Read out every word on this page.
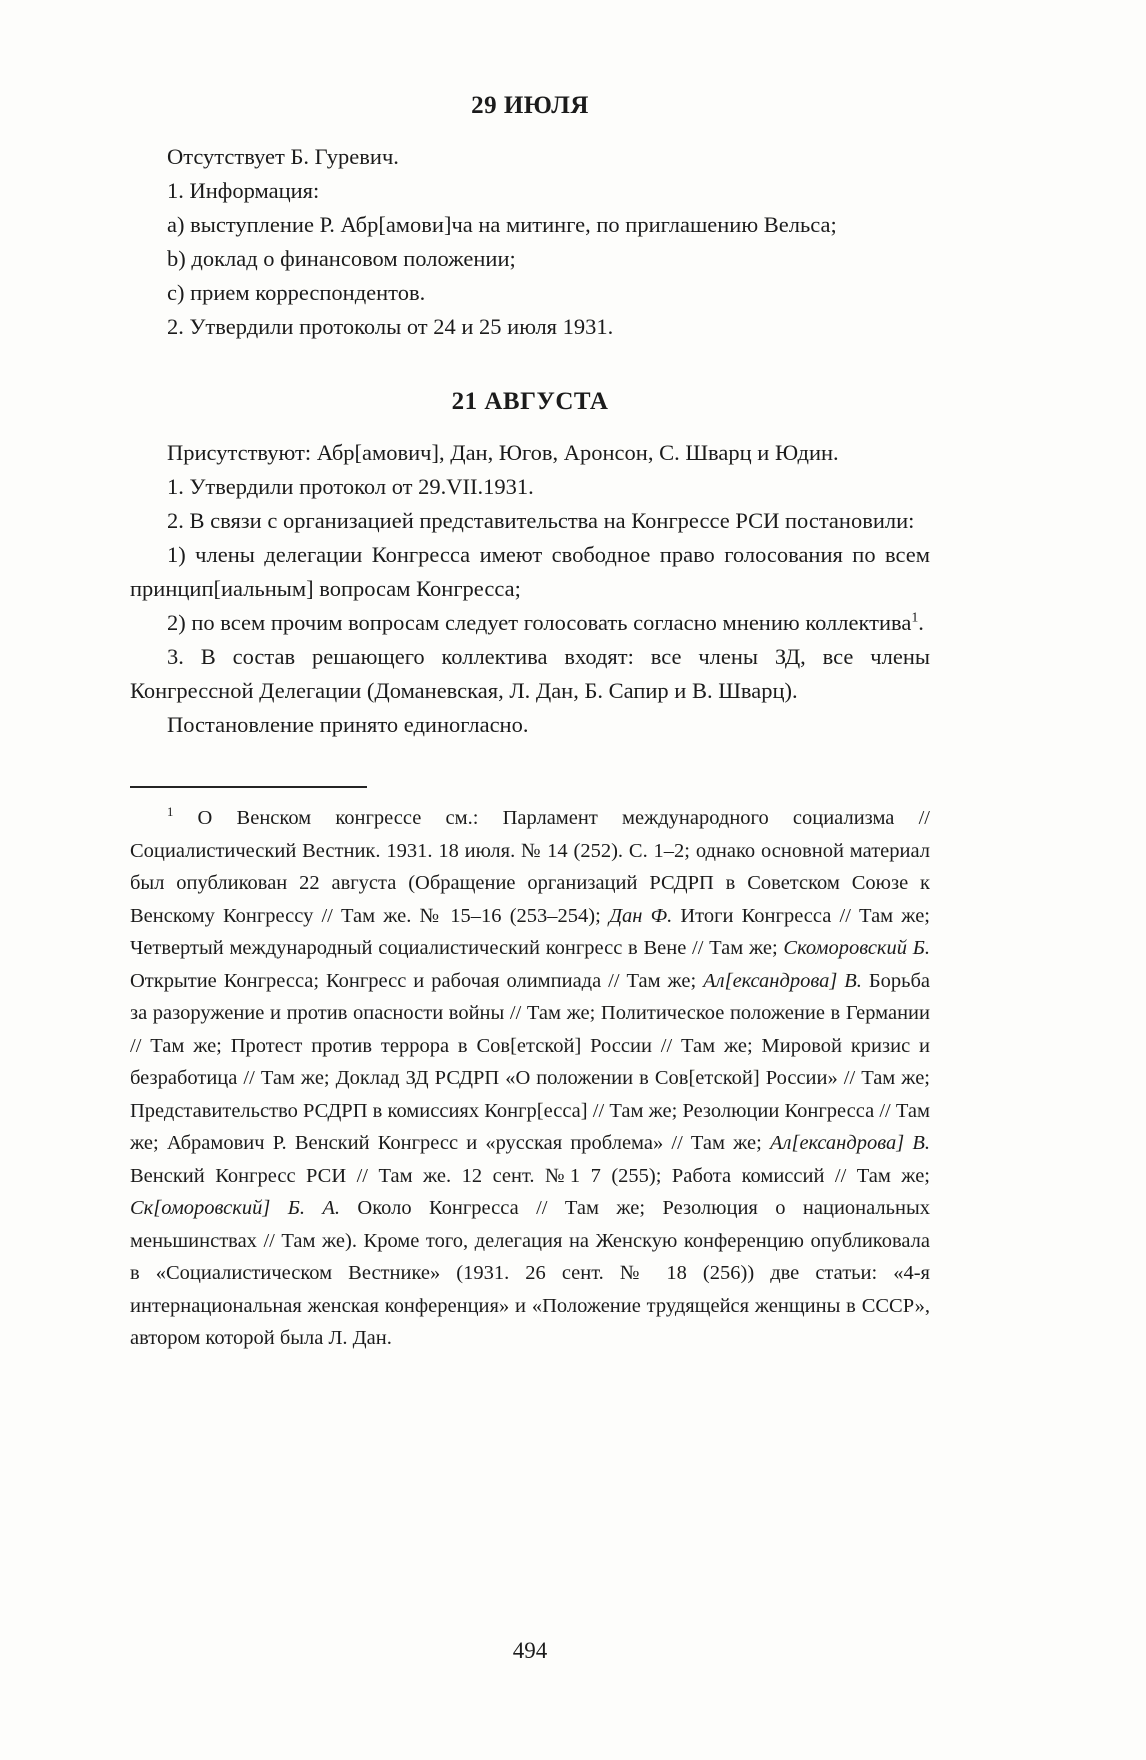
29 ИЮЛЯ

Отсутствует Б. Гуревич.

1. Информация:

а) выступление Р. Абр[амови]ча на митинге, по приглашению Вельса;

b) доклад о финансовом положении;

с) прием корреспондентов.

2. Утвердили протоколы от 24 и 25 июля 1931.

21 АВГУСТА

Присутствуют: Абр[амович], Дан, Югов, Аронсон, С. Шварц и Юдин.

1. Утвердили протокол от 29.VII.1931.

2. В связи с организацией представительства на Конгрессе РСИ постановили:

1) члены делегации Конгресса имеют свободное право голосования по всем принцип[иальным] вопросам Конгресса;

2) по всем прочим вопросам следует голосовать согласно мнению коллектива$^1$.

3. В состав решающего коллектива входят: все члены ЗД, все члены Конгрессной Делегации (Доманевская, Л. Дан, Б. Сапир и В. Шварц).

Постановление принято единогласно.

$^1$ О Венском конгрессе см.: Парламент международного социализма // Социалистический Вестник. 1931. 18 июля. № 14 (252). С. 1–2; однако основной материал был опубликован 22 августа (Обращение организаций РСДРП в Советском Союзе к Венскому Конгрессу // Там же. № 15–16 (253–254); Дан Ф. Итоги Конгресса // Там же; Четвертый международный социалистический конгресс в Вене // Там же; Скоморовский Б. Открытие Конгресса; Конгресс и рабочая олимпиада // Там же; Ал[ександрова] В. Борьба за разоружение и против опасности войны // Там же; Политическое положение в Германии // Там же; Протест против террора в Сов[етской] России // Там же; Мировой кризис и безработица // Там же; Доклад ЗД РСДРП «О положении в Сов[етской] России» // Там же; Представительство РСДРП в комиссиях Конгр[есса] // Там же; Резолюции Конгресса // Там же; Абрамович Р. Венский Конгресс и «русская проблема» // Там же; Ал[ександрова] В. Венский Конгресс РСИ // Там же. 12 сент. №1 7 (255); Работа комиссий // Там же; Ск[оморовский] Б. А. Около Конгресса // Там же; Резолюция о национальных меньшинствах // Там же). Кроме того, делегация на Женскую конференцию опубликовала в «Социалистическом Вестнике» (1931. 26 сент. № 18 (256)) две статьи: «4-я интернациональная женская конференция» и «Положение трудящейся женщины в СССР», автором которой была Л. Дан.

494
